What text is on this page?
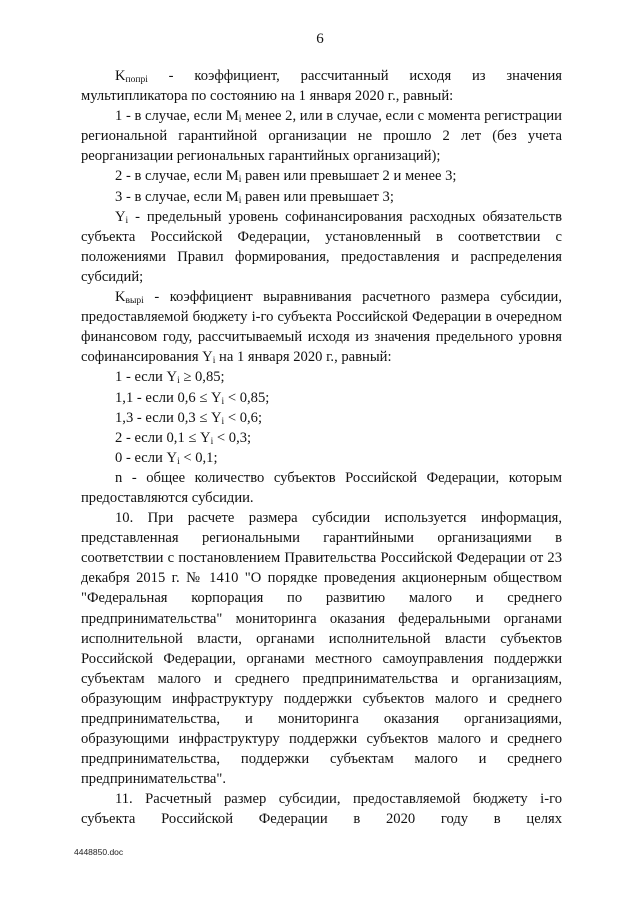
6

$K_{попрi}$ - коэффициент, рассчитанный исходя из значения мультипликатора по состоянию на 1 января 2020 г., равный:

1 - в случае, если $M_i$ менее 2, или в случае, если с момента регистрации региональной гарантийной организации не прошло 2 лет (без учета реорганизации региональных гарантийных организаций);

2 - в случае, если $M_i$ равен или превышает 2 и менее 3;

3 - в случае, если $M_i$ равен или превышает 3;

$Y_i$ - предельный уровень софинансирования расходных обязательств субъекта Российской Федерации, установленный в соответствии с положениями Правил формирования, предоставления и распределения субсидий;

$K_{вырi}$ - коэффициент выравнивания расчетного размера субсидии, предоставляемой бюджету i-го субъекта Российской Федерации в очередном финансовом году, рассчитываемый исходя из значения предельного уровня софинансирования $Y_i$ на 1 января 2020 г., равный:

1 - если $Y_i \ge 0,85$;

1,1 - если $0,6 \le Y_i < 0,85$;

1,3 - если $0,3 \le Y_i < 0,6$;

2 - если $0,1 \le Y_i < 0,3$;

0 - если $Y_i < 0,1$;

n - общее количество субъектов Российской Федерации, которым предоставляются субсидии.

10. При расчете размера субсидии используется информация, представленная региональными гарантийными организациями в соответствии с постановлением Правительства Российской Федерации от 23 декабря 2015 г. № 1410 "О порядке проведения акционерным обществом "Федеральная корпорация по развитию малого и среднего предпринимательства" мониторинга оказания федеральными органами исполнительной власти, органами исполнительной власти субъектов Российской Федерации, органами местного самоуправления поддержки субъектам малого и среднего предпринимательства и организациям, образующим инфраструктуру поддержки субъектов малого и среднего предпринимательства, и мониторинга оказания организациями, образующими инфраструктуру поддержки субъектов малого и среднего предпринимательства, поддержки субъектам малого и среднего предпринимательства".

11. Расчетный размер субсидии, предоставляемой бюджету i-го субъекта Российской Федерации в 2020 году в целях

4448850.doc
